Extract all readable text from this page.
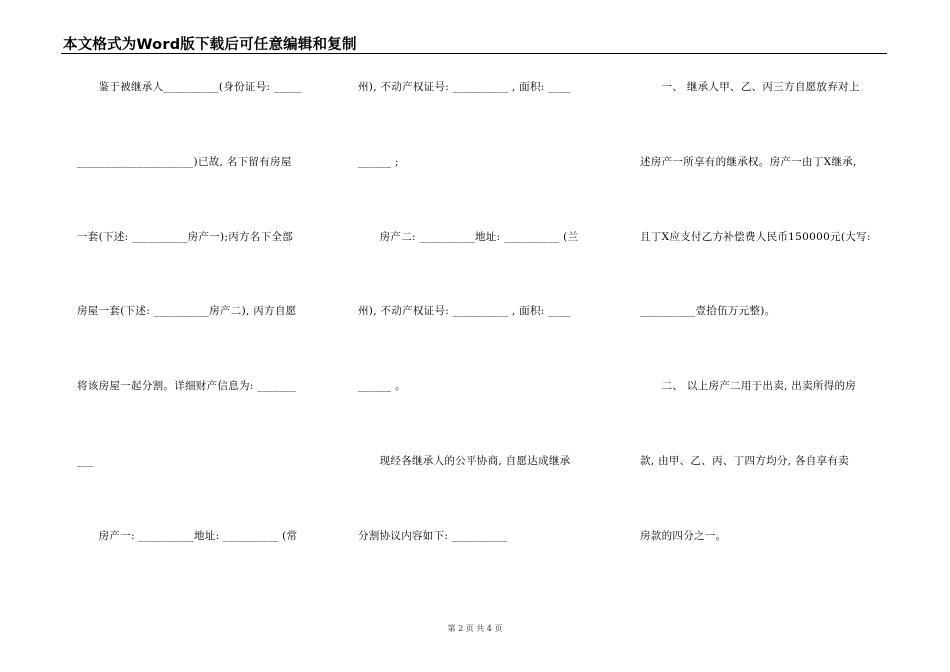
本文格式为Word版下载后可任意编辑和复制
　　鉴于被继承人__________(身份证号: _____
_____________________)已故, 名下留有房屋
一套(下述: __________房产一);丙方名下全部
房屋一套(下述: __________房产二), 丙方自愿
将该房屋一起分割。详细财产信息为: _______
___
　　房产一: __________地址: __________ (常
州), 不动产权证号: __________ , 面积: ____
______ ;
　　房产二: __________地址: __________ (兰
州), 不动产权证号: __________ , 面积: ____
______ 。
　　现经各继承人的公平协商, 自愿达成继承
分割协议内容如下: __________
　　一、 继承人甲、乙、丙三方自愿放弃对上
述房产一所享有的继承权。房产一由丁X继承,
且丁X应支付乙方补偿费人民币150000元(大写:
__________壹拾伍万元整)。
　　二、 以上房产二用于出卖, 出卖所得的房
款, 由甲、乙、丙、丁四方均分, 各自享有卖
房款的四分之一。
第 2 页 共 4 页
